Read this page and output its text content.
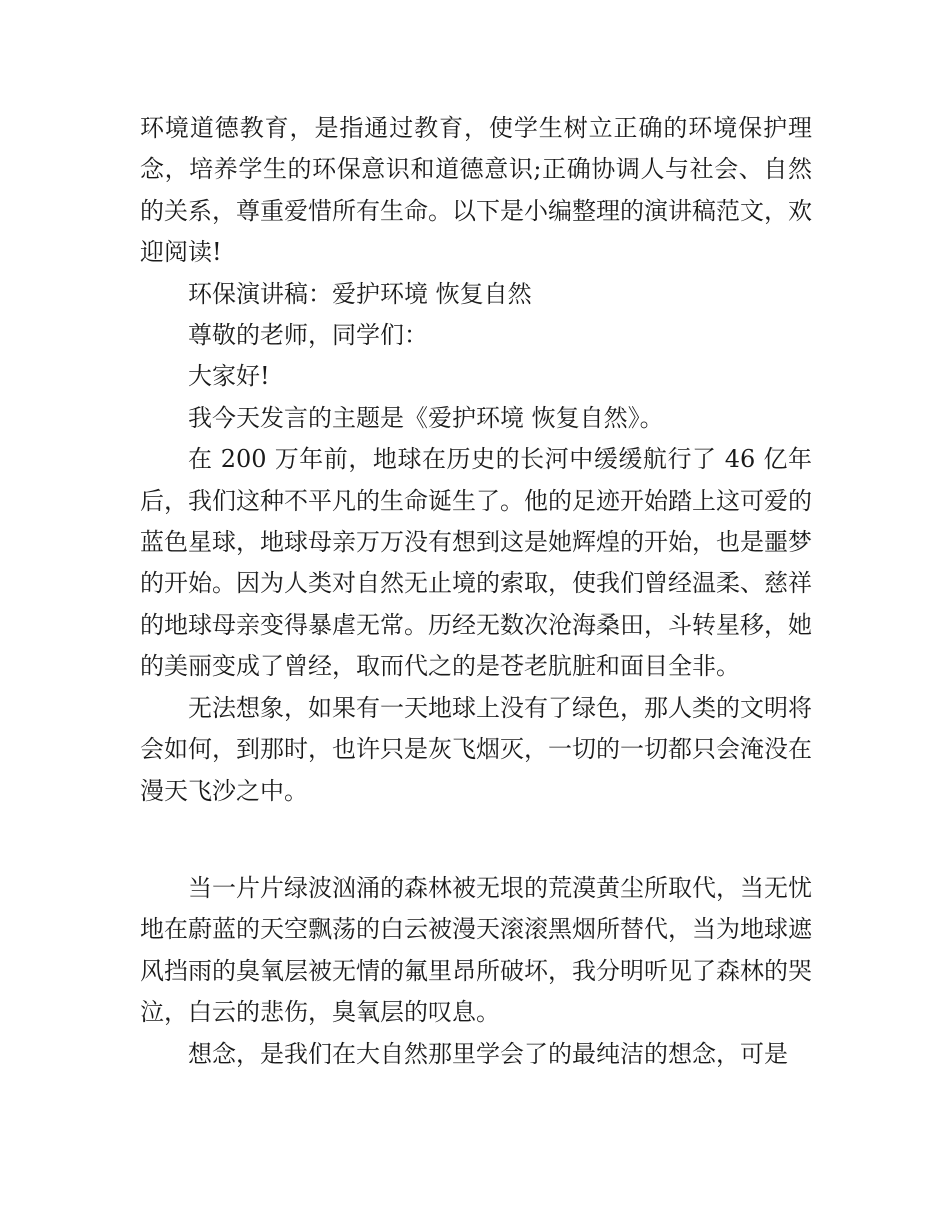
环境道德教育，是指通过教育，使学生树立正确的环境保护理念，培养学生的环保意识和道德意识;正确协调人与社会、自然的关系，尊重爱惜所有生命。以下是小编整理的演讲稿范文，欢迎阅读!

环保演讲稿：爱护环境 恢复自然

尊敬的老师，同学们：

大家好!

我今天发言的主题是《爱护环境 恢复自然》。

在 200 万年前，地球在历史的长河中缓缓航行了 46 亿年后，我们这种不平凡的生命诞生了。他的足迹开始踏上这可爱的蓝色星球，地球母亲万万没有想到这是她辉煌的开始，也是噩梦的开始。因为人类对自然无止境的索取，使我们曾经温柔、慈祥的地球母亲变得暴虐无常。历经无数次沧海桑田，斗转星移，她的美丽变成了曾经，取而代之的是苍老肮脏和面目全非。

无法想象，如果有一天地球上没有了绿色，那人类的文明将会如何，到那时，也许只是灰飞烟灭，一切的一切都只会淹没在漫天飞沙之中。

当一片片绿波汹涌的森林被无垠的荒漠黄尘所取代，当无忧地在蔚蓝的天空飘荡的白云被漫天滚滚黑烟所替代，当为地球遮风挡雨的臭氧层被无情的氟里昂所破坏，我分明听见了森林的哭泣，白云的悲伤，臭氧层的叹息。

想念，是我们在大自然那里学会了的最纯洁的想念，可是
